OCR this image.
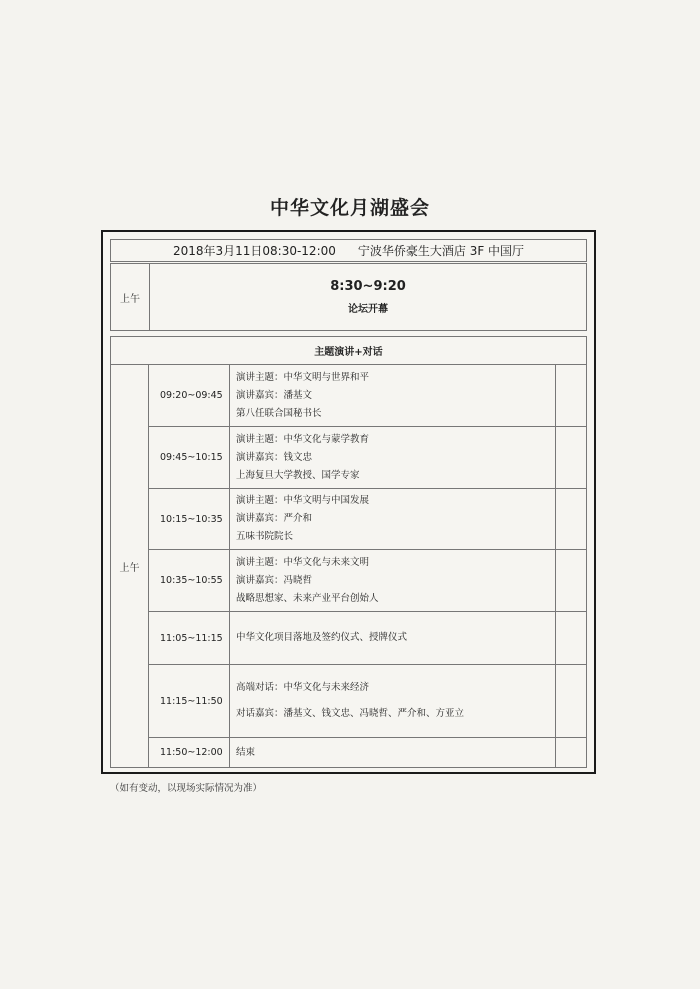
中华文化月湖盛会
2018年3月11日08:30-12:00 宁波华侨豪生大酒店 3F 中国厅
上午
8:30~9:20
论坛开幕
主题演讲+对话
上午
09:20~09:45
演讲主题：中华文明与世界和平
演讲嘉宾：潘基文
第八任联合国秘书长
09:45~10:15
演讲主题：中华文化与蒙学教育
演讲嘉宾：钱文忠
上海复旦大学教授、国学专家
10:15~10:35
演讲主题：中华文明与中国发展
演讲嘉宾：严介和
五味书院院长
10:35~10:55
演讲主题：中华文化与未来文明
演讲嘉宾：冯晓哲
战略思想家、未来产业平台创始人
11:05~11:15	中华文化项目落地及签约仪式、授牌仪式
11:15~11:50
高端对话：中华文化与未来经济
对话嘉宾：潘基文、钱文忠、冯晓哲、严介和、方亚立
11:50~12:00	结束
（如有变动，以现场实际情况为准）
